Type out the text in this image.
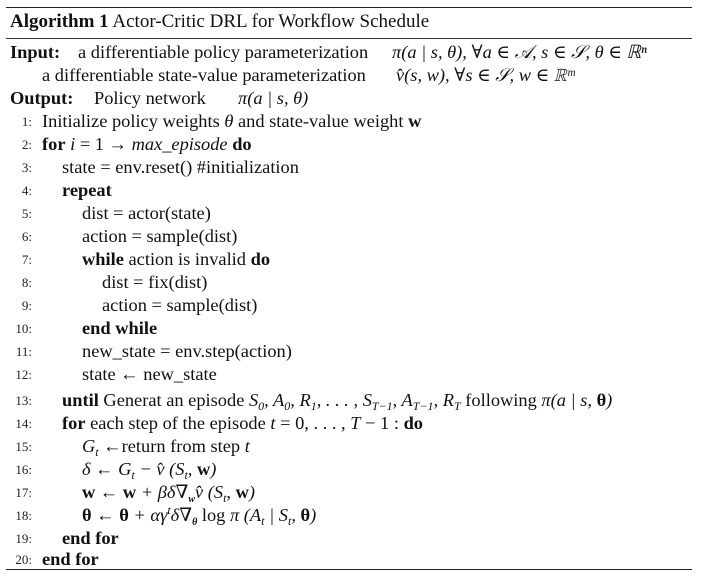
Algorithm 1 Actor-Critic DRL for Workflow Schedule
Input: a differentiable policy parameterization π(a | s, θ), ∀a ∈ 𝒜, s ∈ 𝒮, θ ∈ ℝⁿ
a differentiable state-value parameterization v̂(s, w), ∀s ∈ 𝒮, w ∈ ℝᵐ
Output: Policy network π(a | s, θ)
1: Initialize policy weights θ and state-value weight w
2: for i = 1 → max_episode do
3: state = env.reset() #initialization
4: repeat
5:	dist = actor(state)
6:	action = sample(dist)
7:	while action is invalid do
8:	dist = fix(dist)
9:	action = sample(dist)
10:	end while
11:	new_state = env.step(action)
12:	state ← new_state
13: until Generat an episode $S_0$, $A_0$, $R_1$, . . . , $S_{T-1}$, $A_{T-1}$, $R_T$ following π(a | s, θ)
14: for each step of the episode t = 0, . . . , T − 1 : do
15:	$G_t$ ←return from step t
16:	δ ← $G_t$ − v̂ ($S_t$, w)
17:	w ← $w + \beta\delta\nabla_wv̂$ ($S_t$, w)
18:	θ ← $\theta + \alpha\gamma^t\delta\nabla_\theta$ log π ($A_t$ | $S_t$, θ)
19: end for
20: end for
